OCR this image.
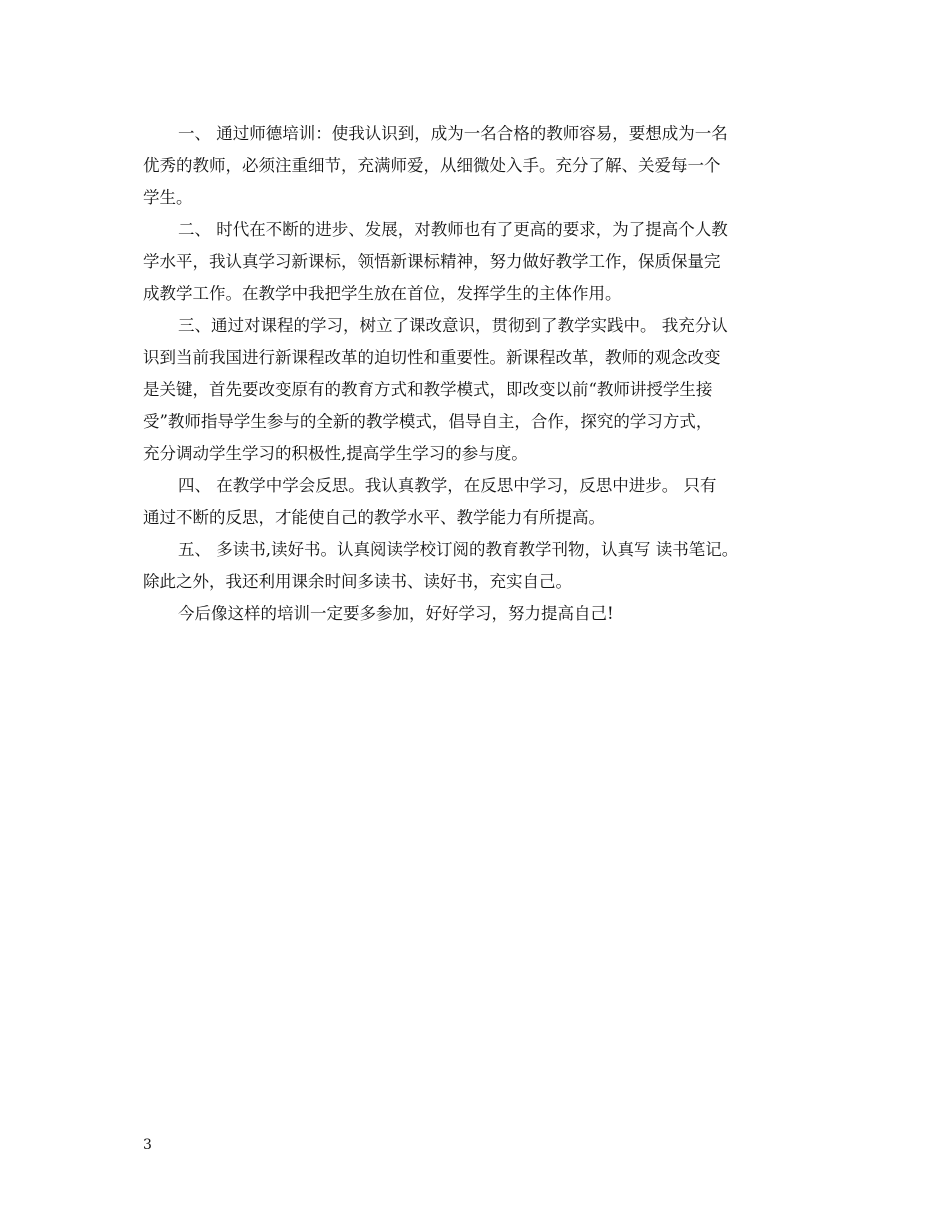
一、 通过师德培训：使我认识到，成为一名合格的教师容易，要想成为一名
优秀的教师，必须注重细节，充满师爱，从细微处入手。充分了解、关爱每一个
学生。
二、 时代在不断的进步、发展，对教师也有了更高的要求，为了提高个人教
学水平，我认真学习新课标，领悟新课标精神，努力做好教学工作，保质保量完
成教学工作。在教学中我把学生放在首位，发挥学生的主体作用。
三、通过对课程的学习，树立了课改意识，贯彻到了教学实践中。 我充分认
识到当前我国进行新课程改革的迫切性和重要性。新课程改革，教师的观念改变
是关键，首先要改变原有的教育方式和教学模式，即改变以前“教师讲授学生接
受”教师指导学生参与的全新的教学模式，倡导自主，合作，探究的学习方式，
充分调动学生学习的积极性,提高学生学习的参与度。
四、 在教学中学会反思。我认真教学，在反思中学习，反思中进步。 只有
通过不断的反思，才能使自己的教学水平、教学能力有所提高。
五、 多读书,读好书。认真阅读学校订阅的教育教学刊物，认真写 读书笔记。
除此之外，我还利用课余时间多读书、读好书，充实自己。
今后像这样的培训一定要多参加，好好学习，努力提高自己!
3
